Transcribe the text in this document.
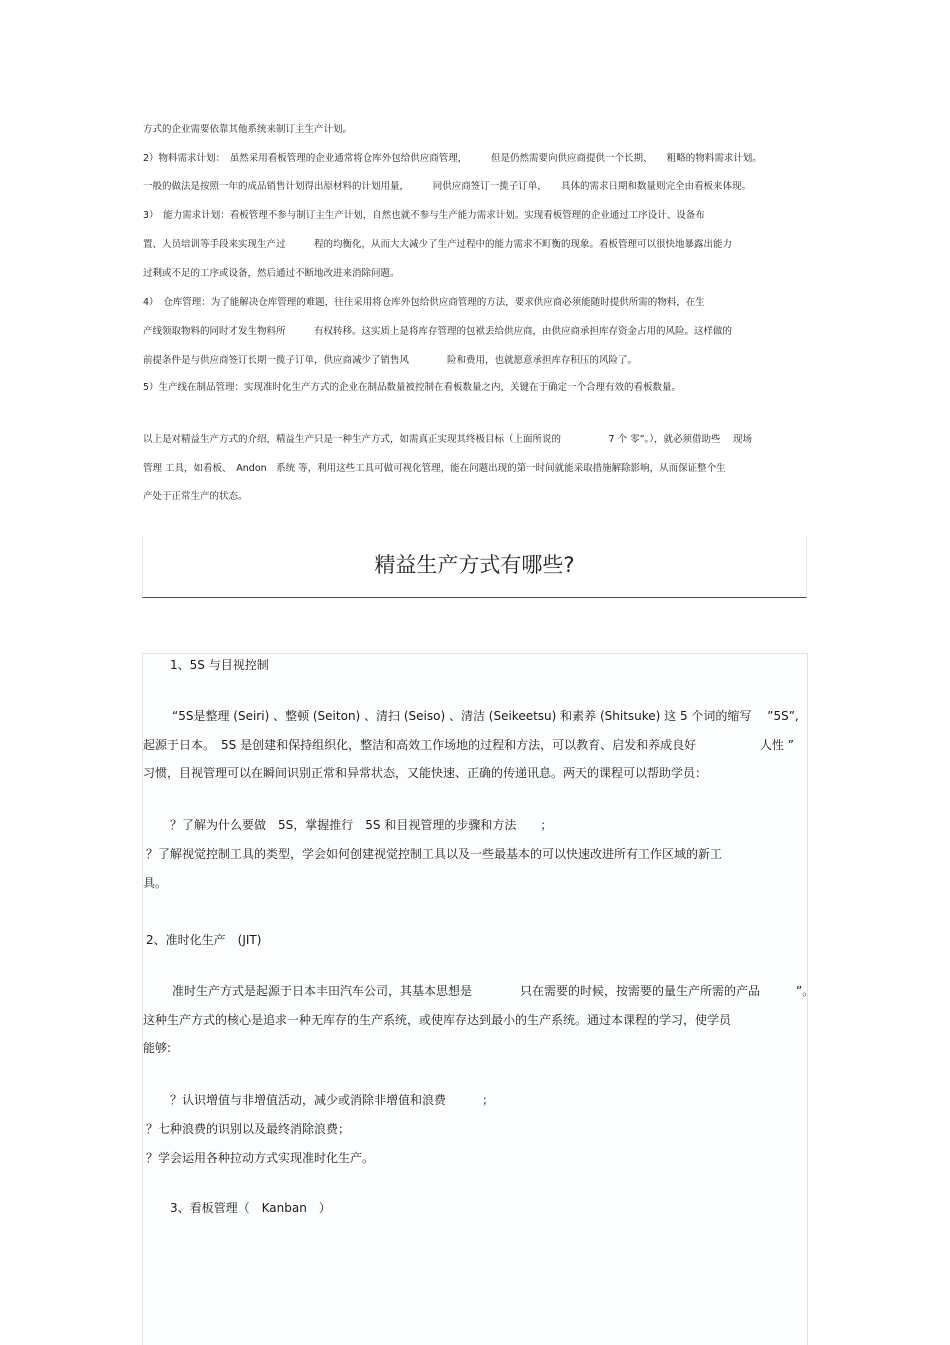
方式的企业需要依靠其他系统来制订主生产计划。
2）物料需求计划：　虽然采用看板管理的企业通常将仓库外包给供应商管理，　　　但是仍然需要向供应商提供一个长期、　　粗略的物料需求计划。
一般的做法是按照一年的成品销售计划得出原材料的计划用量，　　　同供应商签订一揽子订单，　　具体的需求日期和数量则完全由看板来体现。
3）　能力需求计划：看板管理不参与制订主生产计划，自然也就不参与生产能力需求计划。实现看板管理的企业通过工序设计、设备布
置、人员培训等手段来实现生产过　　　程的均衡化，从而大大减少了生产过程中的能力需求不町衡的现象。看板管理可以很快地暴露出能力
过剩或不足的工序或设备，然后通过不断地改进来消除问题。
4）　仓库管理：为了能解决仓库管理的难题，往往采用将仓库外包给供应商管理的方法，要求供应商必须能随时提供所需的物料，在生
产线领取物料的同时才发生物料所　　　有权转移。这实质上是将库存管理的包袱丢给供应商，由供应商承担库存资金占用的风险。这样做的
前提条件是与供应商签订长期一揽子订单，供应商减少了销售风　　　　险和费用，也就愿意承担库存积压的风险了。
5）生产线在制品管理：实现准时化生产方式的企业在制品数量被控制在看板数量之内，关键在于确定一个合理有效的看板数量。
以上是对精益生产方式的介绍，精益生产只是一种生产方式，如需真正实现其终极目标（上面所说的　　　　　7 个 零”。），就必须借助些　 现场
管理 工具，如看板、　Andon　系统 等，利用这些工具可做可视化管理，能在问题出现的第一时间就能采取措施解除影响，从而保证整个生
产处于正常生产的状态。
精益生产方式有哪些?
1、5S 与目视控制
“5S是整理 (Seiri) 、整顿 (Seiton) 、清扫 (Seiso) 、清洁 (Seikeetsu) 和素养 (Shitsuke) 这 5 个词的缩写　 ”5S”,
起源于日本。　5S 是创建和保持组织化，整洁和高效工作场地的过程和方法，可以教育、启发和养成良好　　　　　 人性 ”
习惯，目视管理可以在瞬间识别正常和异常状态，又能快速、正确的传递讯息。两天的课程可以帮助学员：
？了解为什么要做　5S，掌握推行　5S 和目视管理的步骤和方法　　；
？了解视觉控制工具的类型，学会如何创建视觉控制工具以及一些最基本的可以快速改进所有工作区域的新工
具。
2、准时化生产　(JIT)
准时生产方式是起源于日本丰田汽车公司，其基本思想是　　　　只在需要的时候，按需要的量生产所需的产品　　　”。
这种生产方式的核心是追求一种无库存的生产系统，或使库存达到最小的生产系统。通过本课程的学习，使学员
能够:
？认识增值与非增值活动，减少或消除非增值和浪费　　　；
？七种浪费的识别以及最终消除浪费；
？学会运用各种拉动方式实现准时化生产。
3、看板管理（　Kanban　）
